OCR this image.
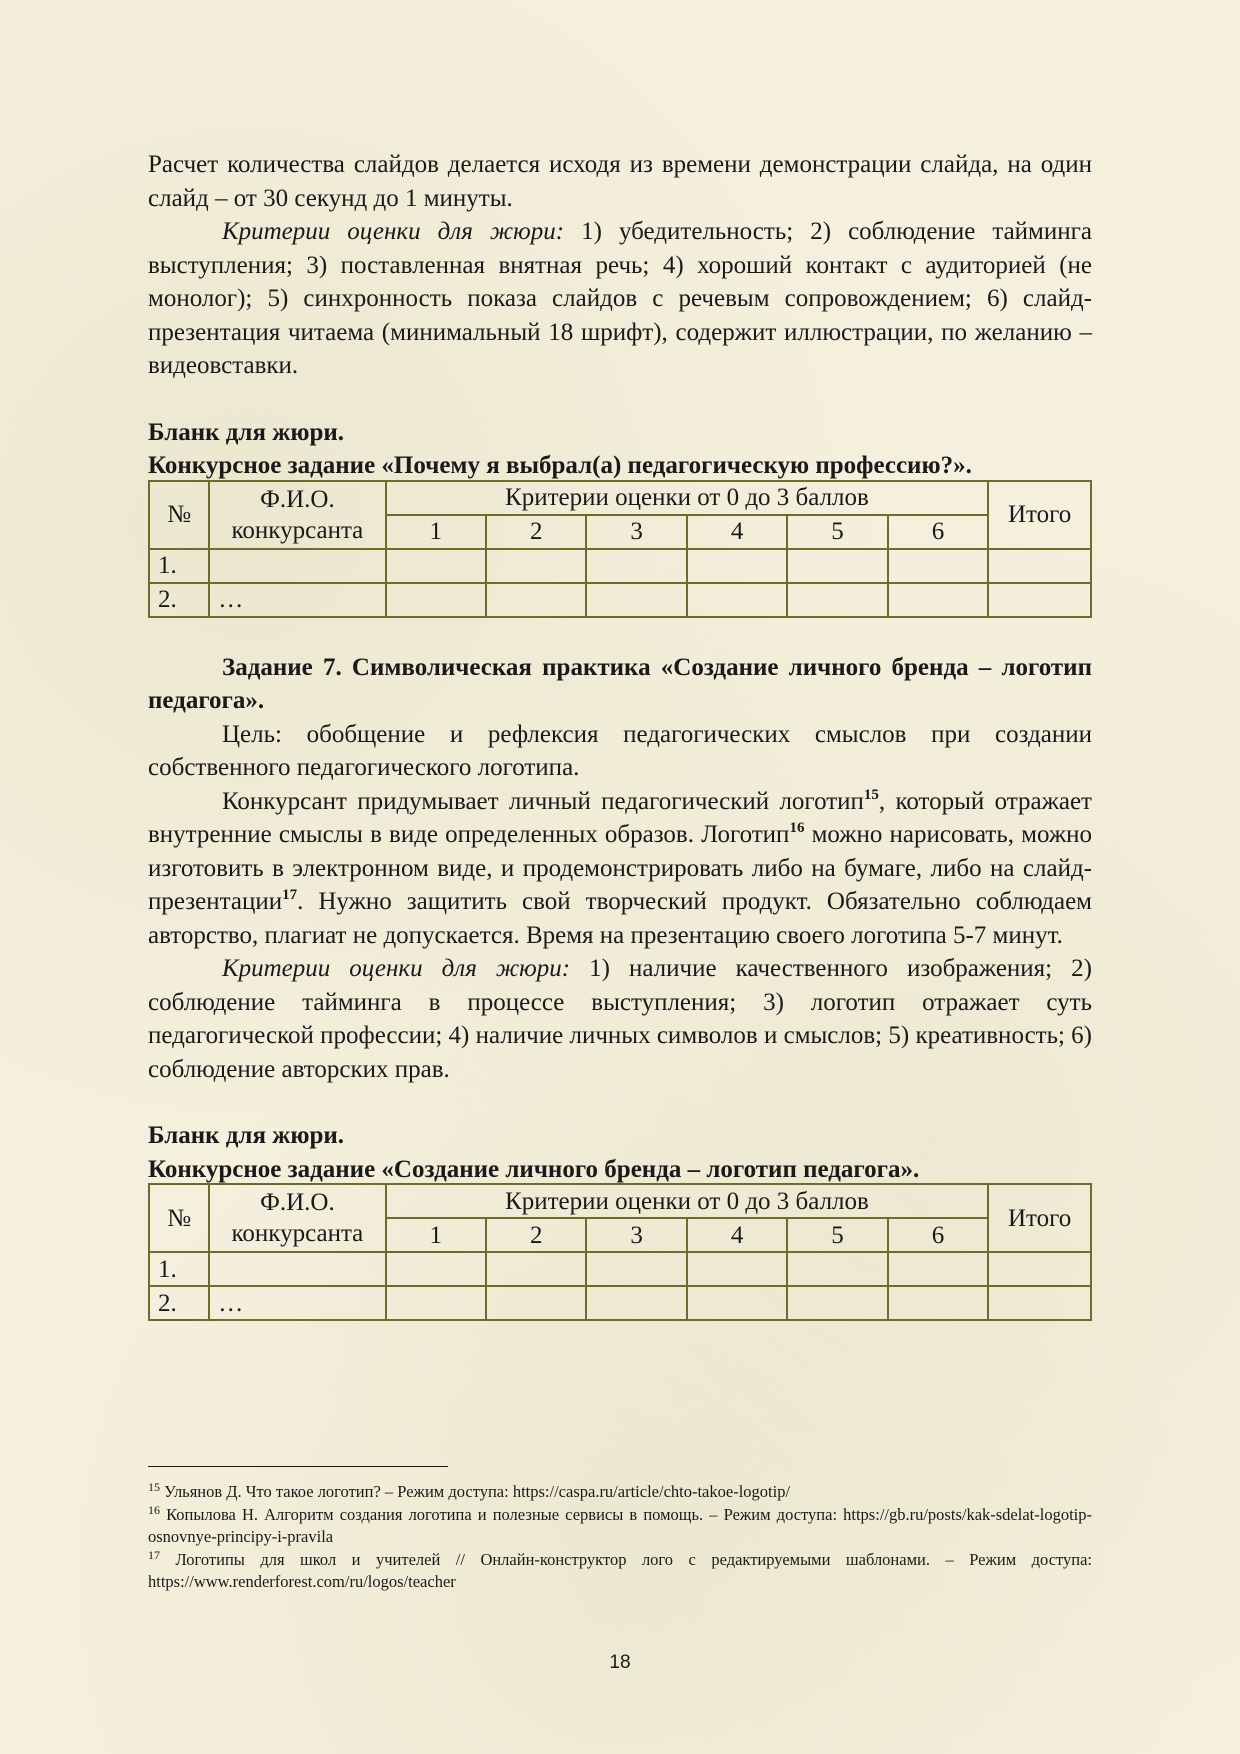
Расчет количества слайдов делается исходя из времени демонстрации слайда, на один слайд – от 30 секунд до 1 минуты.

Критерии оценки для жюри: 1) убедительность; 2) соблюдение тайминга выступления; 3) поставленная внятная речь; 4) хороший контакт с аудиторией (не монолог); 5) синхронность показа слайдов с речевым сопровождением; 6) слайд-презентация читаема (минимальный 18 шрифт), содержит иллюстрации, по желанию – видеовставки.

Бланк для жюри.

Конкурсное задание «Почему я выбрал(а) педагогическую профессию?».

№	Ф.И.О. конкурсанта	Критерии оценки от 0 до 3 баллов						Итого
		1	2	3	4	5	6	
1.								
2.	…							

Задание 7. Символическая практика «Создание личного бренда – логотип педагога».

Цель: обобщение и рефлексия педагогических смыслов при создании собственного педагогического логотипа.

Конкурсант придумывает личный педагогический логотип$^{15}$, который отражает внутренние смыслы в виде определенных образов. Логотип$^{16}$ можно нарисовать, можно изготовить в электронном виде, и продемонстрировать либо на бумаге, либо на слайд-презентации$^{17}$. Нужно защитить свой творческий продукт. Обязательно соблюдаем авторство, плагиат не допускается. Время на презентацию своего логотипа 5-7 минут.

Критерии оценки для жюри: 1) наличие качественного изображения; 2) соблюдение тайминга в процессе выступления; 3) логотип отражает суть педагогической профессии; 4) наличие личных символов и смыслов; 5) креативность; 6) соблюдение авторских прав.

Бланк для жюри.

Конкурсное задание «Создание личного бренда – логотип педагога».

№	Ф.И.О. конкурсанта	Критерии оценки от 0 до 3 баллов						Итого
		1	2	3	4	5	6	
1.								
2.	…							

$^{15}$ Ульянов Д. Что такое логотип? – Режим доступа: https://caspa.ru/article/chto-takoe-logotip/

$^{16}$ Копылова Н. Алгоритм создания логотипа и полезные сервисы в помощь. – Режим доступа: https://gb.ru/posts/kak-sdelat-logotip-osnovnye-principy-i-pravila

$^{17}$ Логотипы для школ и учителей // Онлайн-конструктор лого с редактируемыми шаблонами. – Режим доступа: https://www.renderforest.com/ru/logos/teacher

18
